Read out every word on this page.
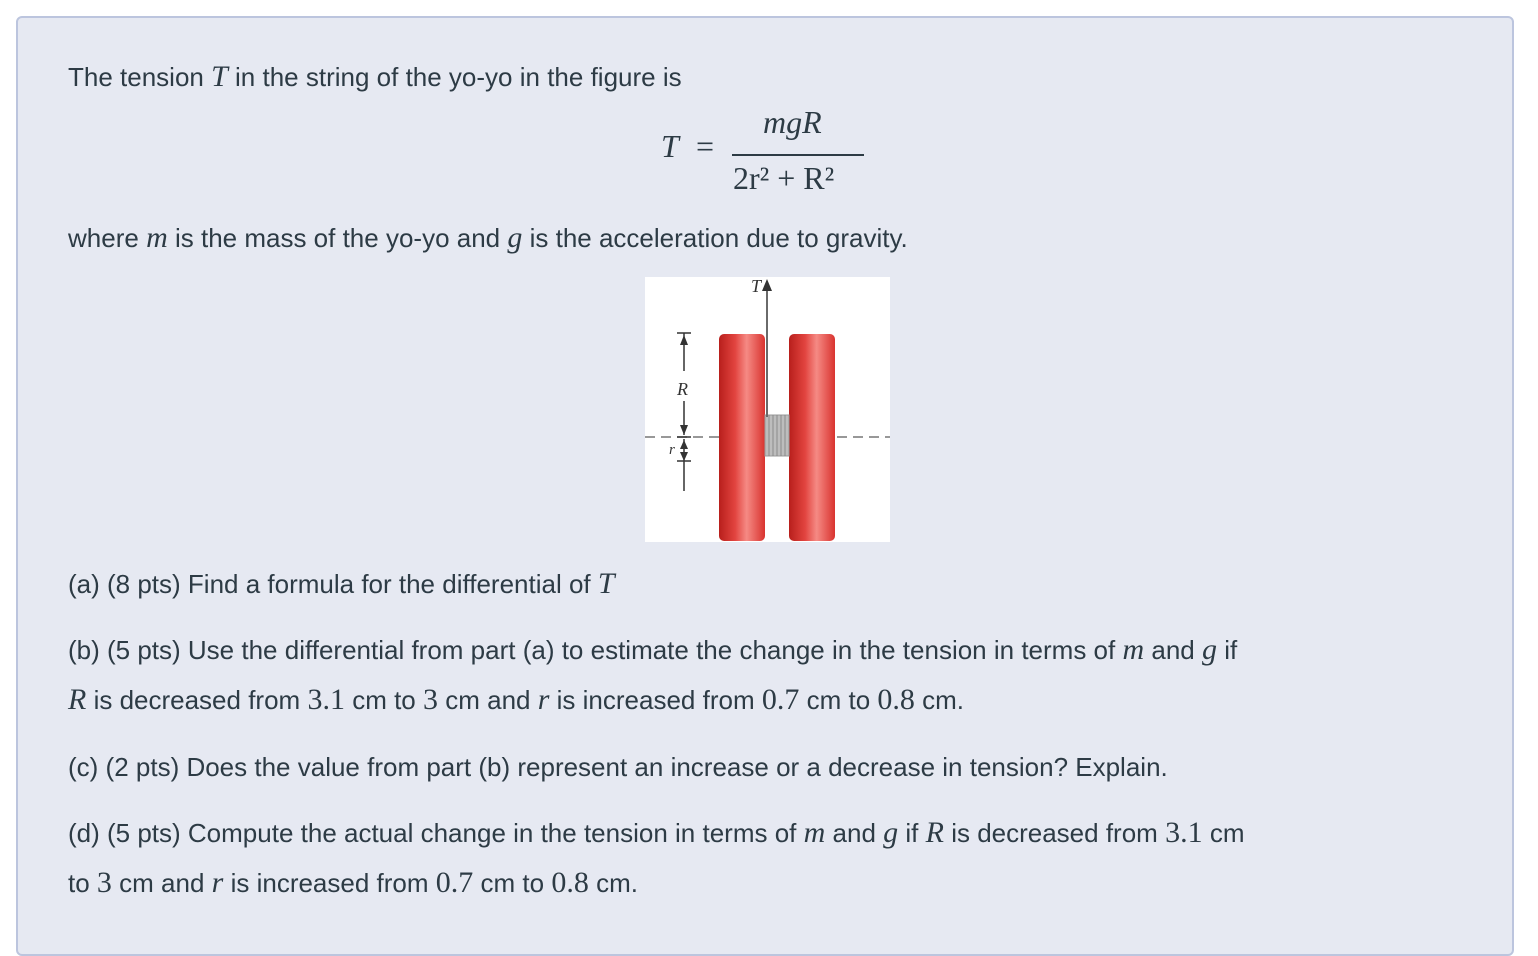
The tension T in the string of the yo-yo in the figure is
T =
mgR
2r² + R²
where m is the mass of the yo-yo and g is the acceleration due to gravity.
T
R
r
(a) (8 pts) Find a formula for the differential of T
(b) (5 pts) Use the differential from part (a) to estimate the change in the tension in terms of m and g if
R is decreased from 3.1 cm to 3 cm and r is increased from 0.7 cm to 0.8 cm.
(c) (2 pts) Does the value from part (b) represent an increase or a decrease in tension? Explain.
(d) (5 pts) Compute the actual change in the tension in terms of m and g if R is decreased from 3.1 cm
to 3 cm and r is increased from 0.7 cm to 0.8 cm.
